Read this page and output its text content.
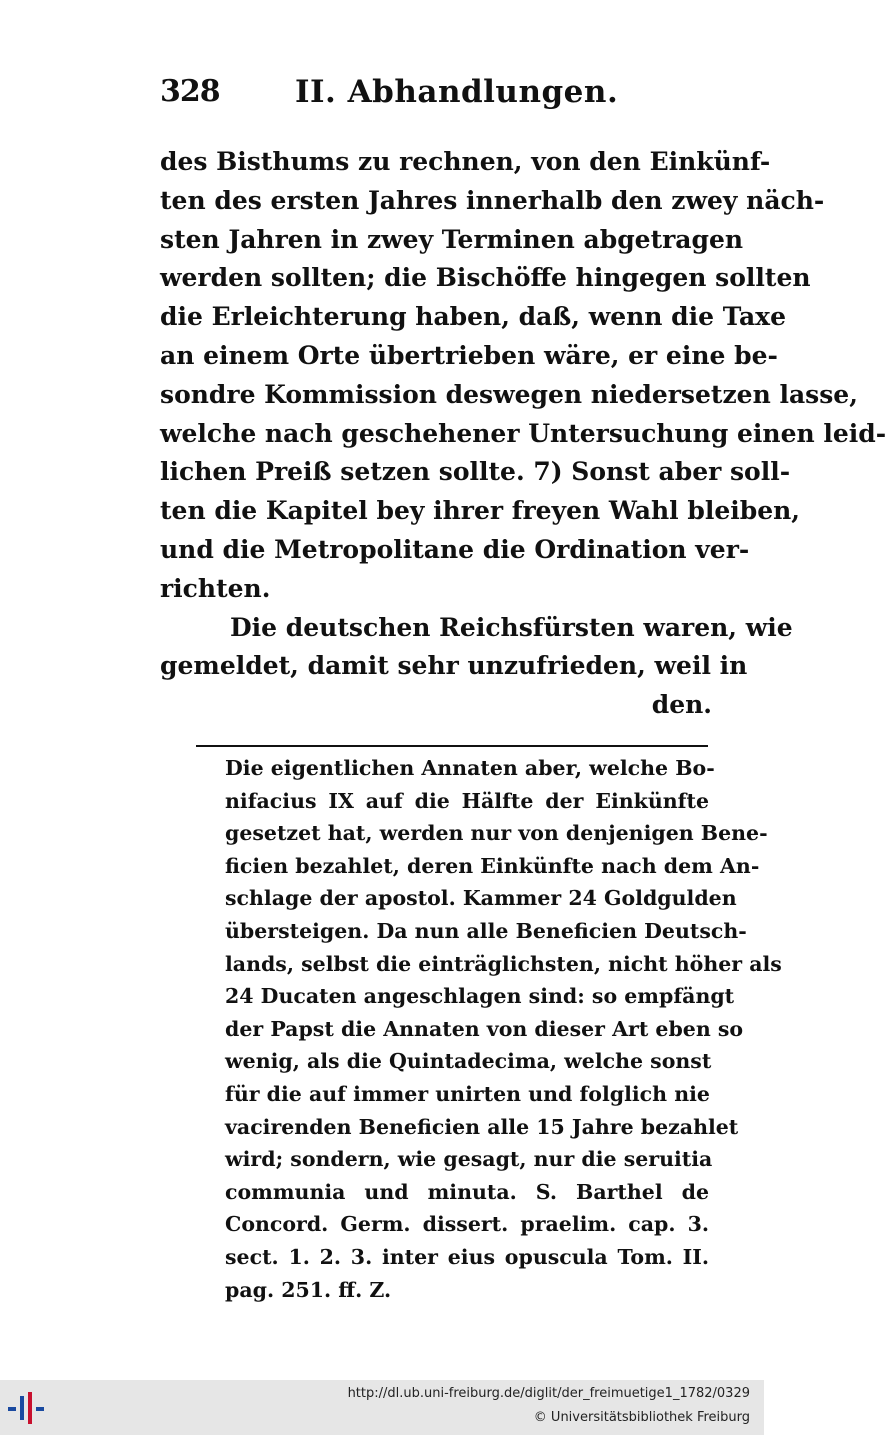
328 II. Abhandlungen.
des Bisthums zu rechnen, von den Einkünf-
ten des ersten Jahres innerhalb den zwey näch-
sten Jahren in zwey Terminen abgetragen
werden sollten; die Bischöffe hingegen sollten
die Erleichterung haben, daß, wenn die Taxe
an einem Orte übertrieben wäre, er eine be-
sondre Kommission deswegen niedersetzen lasse,
welche nach geschehener Untersuchung einen leid-
lichen Preiß setzen sollte. 7) Sonst aber soll-
ten die Kapitel bey ihrer freyen Wahl bleiben,
und die Metropolitane die Ordination ver-
richten.
Die deutschen Reichsfürsten waren, wie
gemeldet, damit sehr unzufrieden, weil in
den.
Die eigentlichen Annaten aber, welche Bo-
nifacius IX auf die Hälfte der Einkünfte
gesetzet hat, werden nur von denjenigen Bene-
ficien bezahlet, deren Einkünfte nach dem An-
schlage der apostol. Kammer 24 Goldgulden
übersteigen. Da nun alle Beneficien Deutsch-
lands, selbst die einträglichsten, nicht höher als
24 Ducaten angeschlagen sind: so empfängt
der Papst die Annaten von dieser Art eben so
wenig, als die Quintadecima, welche sonst
für die auf immer unirten und folglich nie
vacirenden Beneficien alle 15 Jahre bezahlet
wird; sondern, wie gesagt, nur die seruitia
communia und minuta. S. Barthel de
Concord. Germ. dissert. praelim. cap. 3.
sect. 1. 2. 3. inter eius opuscula Tom. II.
pag. 251. ff. Z.
http://dl.ub.uni-freiburg.de/diglit/der_freimuetige1_1782/0329
© Universitätsbibliothek Freiburg
